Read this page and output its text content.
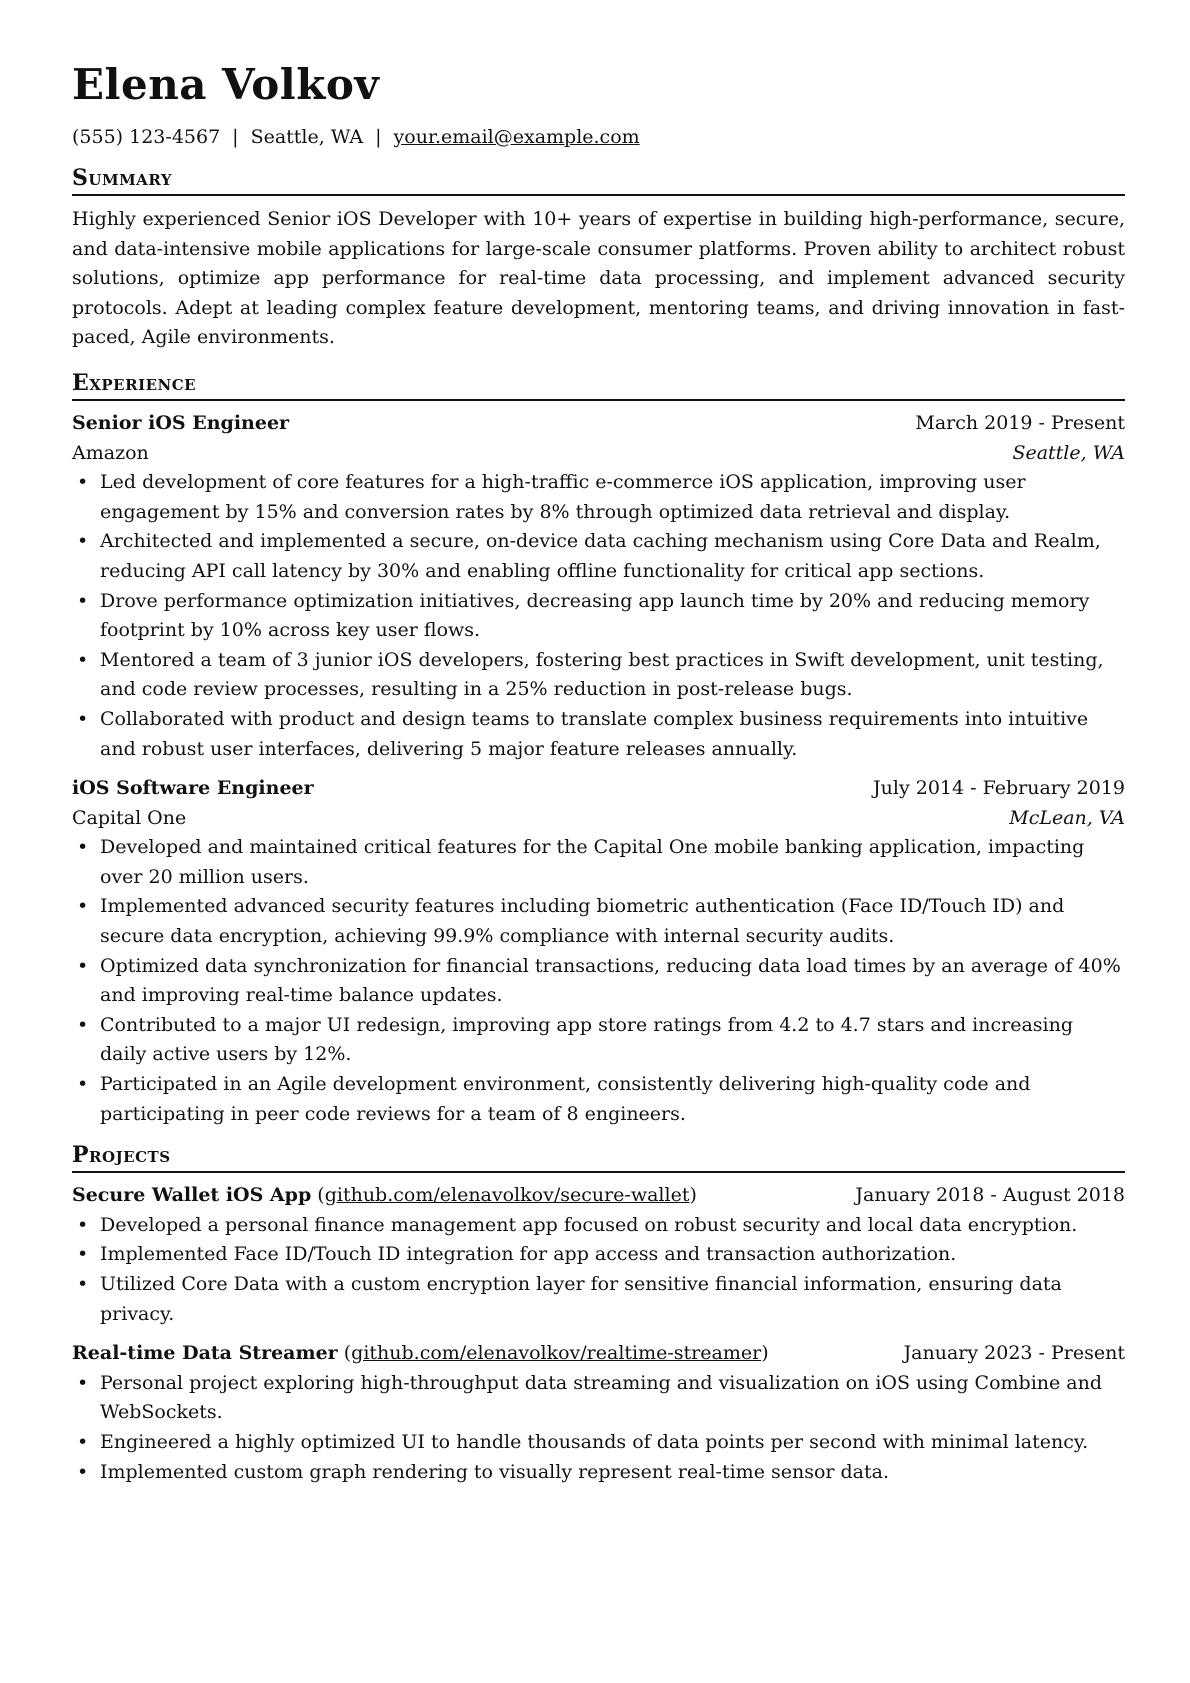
Elena Volkov
(555) 123-4567 | Seattle, WA | your.email@example.com
Summary
Highly experienced Senior iOS Developer with 10+ years of expertise in building high-performance, secure, and data-intensive mobile applications for large-scale consumer platforms. Proven ability to architect robust solutions, optimize app performance for real-time data processing, and implement advanced security protocols. Adept at leading complex feature development, mentoring teams, and driving innovation in fast-paced, Agile environments.
Experience
Senior iOS Engineer	March 2019 - Present
Amazon	Seattle, WA
• Led development of core features for a high-traffic e-commerce iOS application, improving user engagement by 15% and conversion rates by 8% through optimized data retrieval and display.
• Architected and implemented a secure, on-device data caching mechanism using Core Data and Realm, reducing API call latency by 30% and enabling offline functionality for critical app sections.
• Drove performance optimization initiatives, decreasing app launch time by 20% and reducing memory footprint by 10% across key user flows.
• Mentored a team of 3 junior iOS developers, fostering best practices in Swift development, unit testing, and code review processes, resulting in a 25% reduction in post-release bugs.
• Collaborated with product and design teams to translate complex business requirements into intuitive and robust user interfaces, delivering 5 major feature releases annually.
iOS Software Engineer	July 2014 - February 2019
Capital One	McLean, VA
• Developed and maintained critical features for the Capital One mobile banking application, impacting over 20 million users.
• Implemented advanced security features including biometric authentication (Face ID/Touch ID) and secure data encryption, achieving 99.9% compliance with internal security audits.
• Optimized data synchronization for financial transactions, reducing data load times by an average of 40% and improving real-time balance updates.
• Contributed to a major UI redesign, improving app store ratings from 4.2 to 4.7 stars and increasing daily active users by 12%.
• Participated in an Agile development environment, consistently delivering high-quality code and participating in peer code reviews for a team of 8 engineers.
Projects
Secure Wallet iOS App (github.com/elenavolkov/secure-wallet)	January 2018 - August 2018
• Developed a personal finance management app focused on robust security and local data encryption.
• Implemented Face ID/Touch ID integration for app access and transaction authorization.
• Utilized Core Data with a custom encryption layer for sensitive financial information, ensuring data privacy.
Real-time Data Streamer (github.com/elenavolkov/realtime-streamer)	January 2023 - Present
• Personal project exploring high-throughput data streaming and visualization on iOS using Combine and WebSockets.
• Engineered a highly optimized UI to handle thousands of data points per second with minimal latency.
• Implemented custom graph rendering to visually represent real-time sensor data.
